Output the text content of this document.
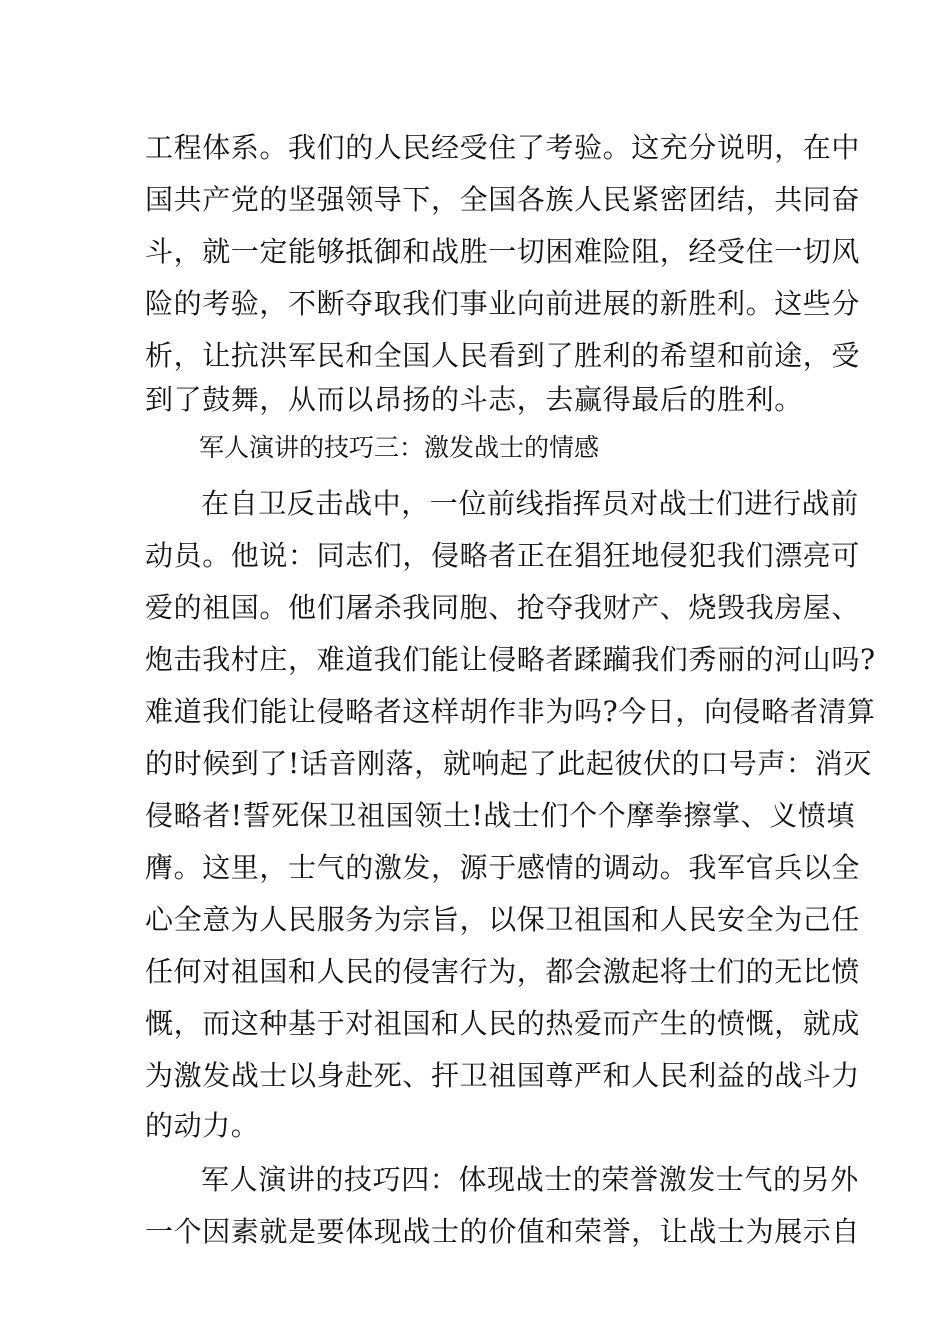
工程体系。我们的人民经受住了考验。这充分说明，在中
国共产党的坚强领导下，全国各族人民紧密团结，共同奋
斗，就一定能够抵御和战胜一切困难险阻，经受住一切风
险的考验，不断夺取我们事业向前进展的新胜利。这些分
析，让抗洪军民和全国人民看到了胜利的希望和前途，受
到了鼓舞，从而以昂扬的斗志，去赢得最后的胜利。
军人演讲的技巧三：激发战士的情感
在自卫反击战中，一位前线指挥员对战士们进行战前
动员。他说：同志们，侵略者正在猖狂地侵犯我们漂亮可
爱的祖国。他们屠杀我同胞、抢夺我财产、烧毁我房屋、
炮击我村庄，难道我们能让侵略者蹂躏我们秀丽的河山吗?
难道我们能让侵略者这样胡作非为吗?今日，向侵略者清算
的时候到了!话音刚落，就响起了此起彼伏的口号声：消灭
侵略者!誓死保卫祖国领土!战士们个个摩拳擦掌、义愤填
膺。这里，士气的激发，源于感情的调动。我军官兵以全
心全意为人民服务为宗旨，以保卫祖国和人民安全为己任
任何对祖国和人民的侵害行为，都会激起将士们的无比愤
慨，而这种基于对祖国和人民的热爱而产生的愤慨，就成
为激发战士以身赴死、扞卫祖国尊严和人民利益的战斗力
的动力。
军人演讲的技巧四：体现战士的荣誉激发士气的另外
一个因素就是要体现战士的价值和荣誉，让战士为展示自
